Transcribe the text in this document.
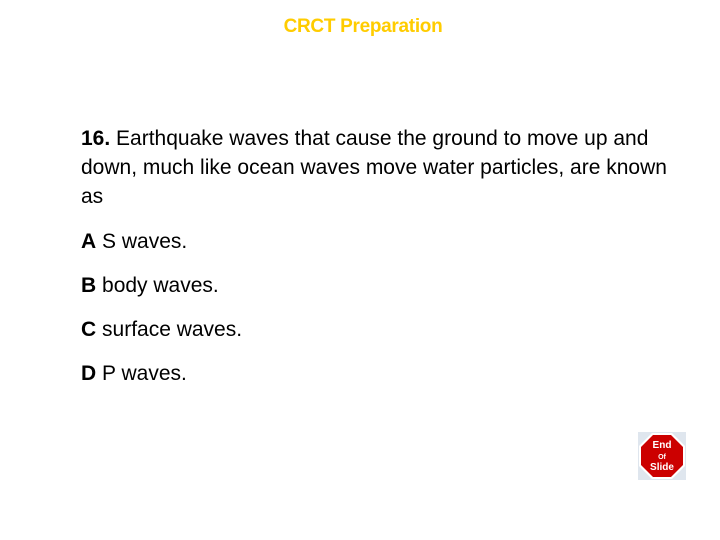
CRCT Preparation

16. Earthquake waves that cause the ground to move up and down, much like ocean waves move water particles, are known as

A S waves.

B body waves.

C surface waves.

D P waves.

End
Of
Slide
